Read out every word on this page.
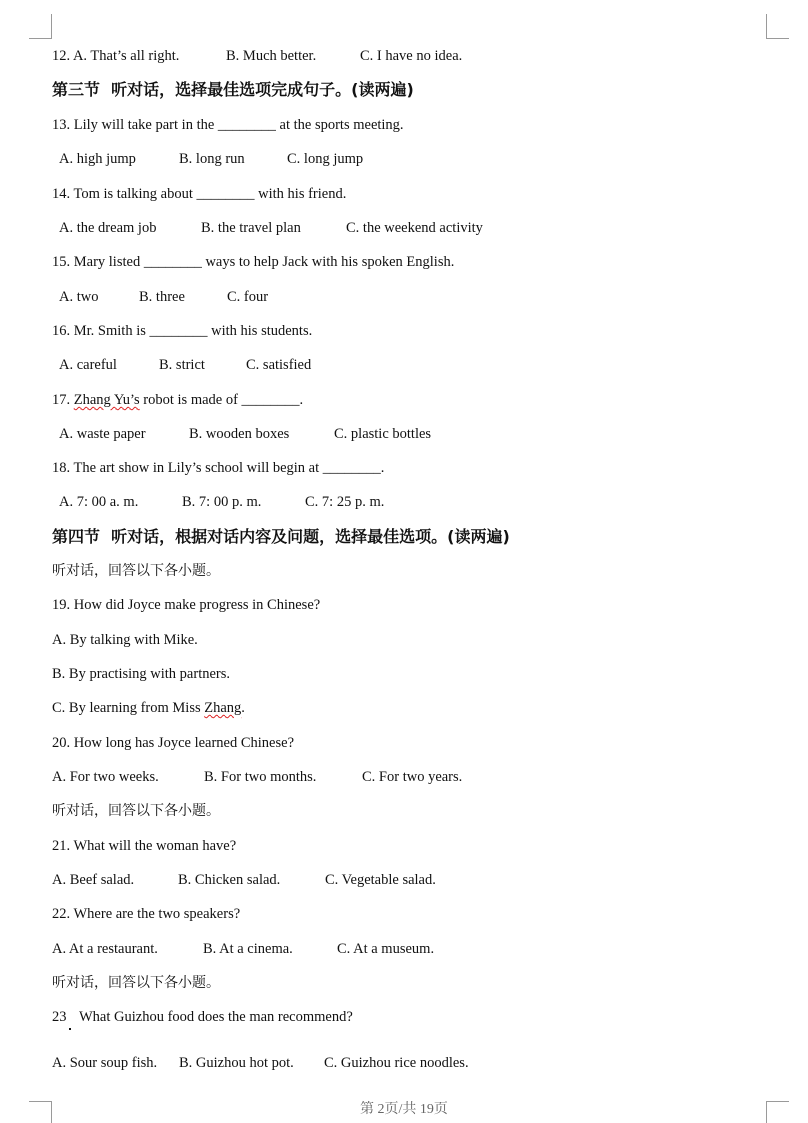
12. A. That’s all right.	B. Much better.	C. I have no idea.
第三节  听对话，选择最佳选项完成句子。(读两遍)
13. Lily will take part in the ________ at the sports meeting.
A. high jump	B. long run	C. long jump
14. Tom is talking about ________ with his friend.
A. the dream job	B. the travel plan	C. the weekend activity
15. Mary listed ________ ways to help Jack with his spoken English.
A. two	B. three	C. four
16. Mr. Smith is ________ with his students.
A. careful	B. strict	C. satisfied
17. Zhang Yu’s robot is made of ________.
A. waste paper	B. wooden boxes	C. plastic bottles
18. The art show in Lily’s school will begin at ________.
A. 7: 00 a. m.	B. 7: 00 p. m.	C. 7: 25 p. m.
第四节  听对话，根据对话内容及问题，选择最佳选项。(读两遍)
听对话，回答以下各小题。
19. How did Joyce make progress in Chinese?
A. By talking with Mike.
B. By practising with partners.
C. By learning from Miss Zhang.
20. How long has Joyce learned Chinese?
A. For two weeks.	B. For two months.	C. For two years.
听对话，回答以下各小题。
21. What will the woman have?
A. Beef salad.	B. Chicken salad.	C. Vegetable salad.
22. Where are the two speakers?
A. At a restaurant.	B. At a cinema.	C. At a museum.
听对话，回答以下各小题。
23 What Guizhou food does the man recommend?
A. Sour soup fish. B. Guizhou hot pot. C. Guizhou rice noodles.
第 2页/共 19页
